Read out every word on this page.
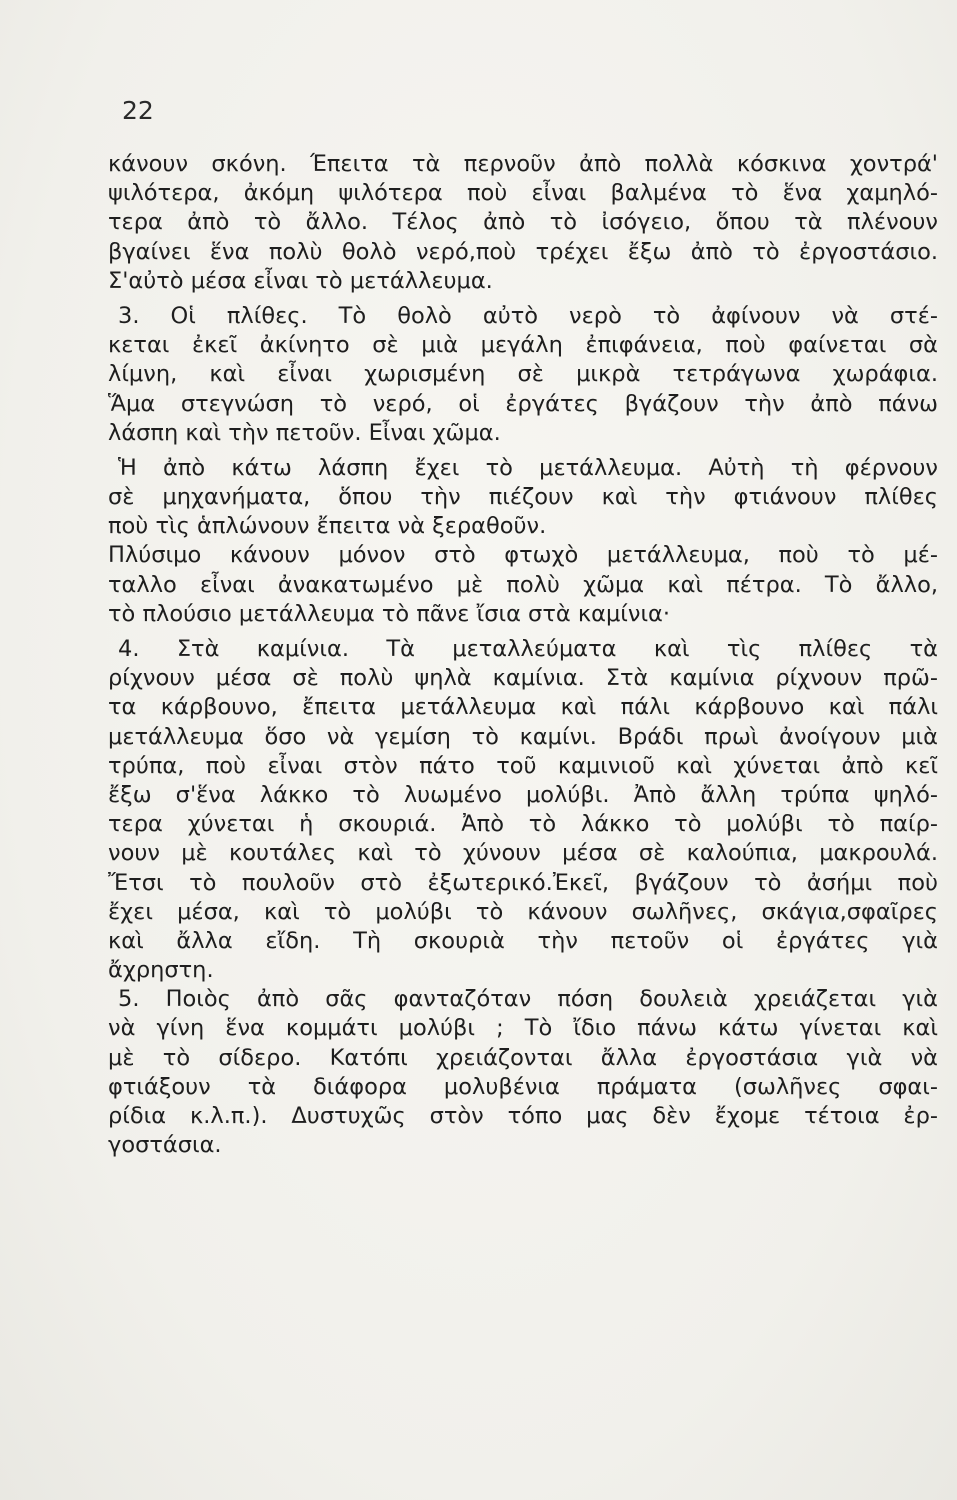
22
κάνουν σκόνη. Έπειτα τὰ περνοῦν ἀπὸ πολλὰ κόσκινα χοντρά'
ψιλότερα, ἀκόμη ψιλότερα ποὺ εἶναι βαλμένα τὸ ἕνα χαμηλό-
τερα ἀπὸ τὸ ἄλλο. Τέλος ἀπὸ τὸ ἰσόγειο, ὅπου τὰ πλένουν
βγαίνει ἕνα πολὺ θολὸ νερό,ποὺ τρέχει ἔξω ἀπὸ τὸ ἐργοστάσιο.
Σ'αὐτὸ μέσα εἶναι τὸ μετάλλευμα.
3. Οἱ πλίθες. Τὸ θολὸ αὐτὸ νερὸ τὸ ἀφίνουν νὰ στέ-
κεται ἐκεῖ ἀκίνητο σὲ μιὰ μεγάλη ἐπιφάνεια, ποὺ φαίνεται σὰ
λίμνη, καὶ εἶναι χωρισμένη σὲ μικρὰ τετράγωνα χωράφια.
Ἅμα στεγνώση τὸ νερό, οἱ ἐργάτες βγάζουν τὴν ἀπὸ πάνω
λάσπη καὶ τὴν πετοῦν. Εἶναι χῶμα.
Ἡ ἀπὸ κάτω λάσπη ἔχει τὸ μετάλλευμα. Αὐτὴ τὴ φέρνουν
σὲ μηχανήματα, ὅπου τὴν πιέζουν καὶ τὴν φτιάνουν πλίθες
ποὺ τὶς ἁπλώνουν ἔπειτα νὰ ξεραθοῦν.
Πλύσιμο κάνουν μόνον στὸ φτωχὸ μετάλλευμα, ποὺ τὸ μέ-
ταλλο εἶναι ἀνακατωμένο μὲ πολὺ χῶμα καὶ πέτρα. Τὸ ἄλλο,
τὸ πλούσιο μετάλλευμα τὸ πᾶνε ἴσια στὰ καμίνια·
4. Στὰ καμίνια. Τὰ μεταλλεύματα καὶ τὶς πλίθες τὰ
ρίχνουν μέσα σὲ πολὺ ψηλὰ καμίνια. Στὰ καμίνια ρίχνουν πρῶ-
τα κάρβουνο, ἔπειτα μετάλλευμα καὶ πάλι κάρβουνο καὶ πάλι
μετάλλευμα ὅσο νὰ γεμίση τὸ καμίνι. Βράδι πρωὶ ἀνοίγουν μιὰ
τρύπα, ποὺ εἶναι στὸν πάτο τοῦ καμινιοῦ καὶ χύνεται ἀπὸ κεῖ
ἔξω σ'ἕνα λάκκο τὸ λυωμένο μολύβι. Ἀπὸ ἄλλη τρύπα ψηλό-
τερα χύνεται ἡ σκουριά. Ἀπὸ τὸ λάκκο τὸ μολύβι τὸ παίρ-
νουν μὲ κουτάλες καὶ τὸ χύνουν μέσα σὲ καλούπια, μακρουλά.
Ἔτσι τὸ πουλοῦν στὸ ἐξωτερικό.Ἐκεῖ, βγάζουν τὸ ἀσήμι ποὺ
ἔχει μέσα, καὶ τὸ μολύβι τὸ κάνουν σωλῆνες, σκάγια,σφαῖρες
καὶ ἄλλα εἴδη. Τὴ σκουριὰ τὴν πετοῦν οἱ ἐργάτες γιὰ
ἄχρηστη.
5. Ποιὸς ἀπὸ σᾶς φανταζόταν πόση δουλειὰ χρειάζεται γιὰ
νὰ γίνη ἕνα κομμάτι μολύβι ; Τὸ ἴδιο πάνω κάτω γίνεται καὶ
μὲ τὸ σίδερο. Κατόπι χρειάζονται ἄλλα ἐργοστάσια γιὰ νὰ
φτιάξουν τὰ διάφορα μολυβένια πράματα (σωλῆνες σφαι-
ρίδια κ.λ.π.). Δυστυχῶς στὸν τόπο μας δὲν ἔχομε τέτοια ἐρ-
γοστάσια.
